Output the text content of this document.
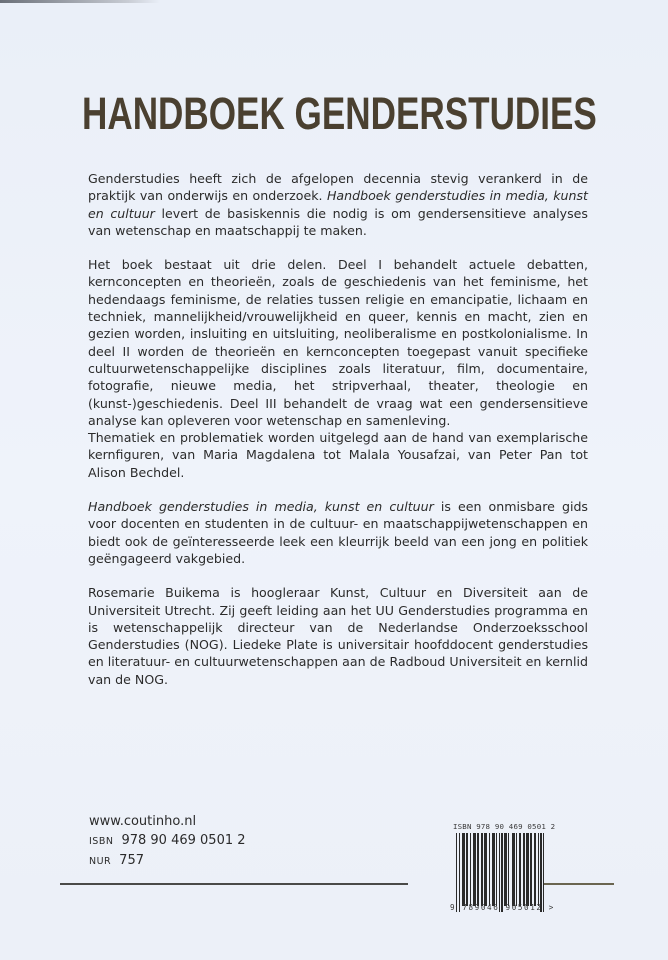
HANDBOEK GENDERSTUDIES

Genderstudies heeft zich de afgelopen decennia stevig verankerd in de praktijk van onderwijs en onderzoek. Handboek genderstudies in media, kunst en cultuur levert de basiskennis die nodig is om gendersensitieve analyses van wetenschap en maatschappij te maken.

Het boek bestaat uit drie delen. Deel I behandelt actuele debatten, kernconcepten en theorieën, zoals de geschiedenis van het feminisme, het hedendaags feminisme, de relaties tussen religie en emancipatie, lichaam en techniek, mannelijkheid/vrouwelijkheid en queer, kennis en macht, zien en gezien worden, insluiting en uitsluiting, neoliberalisme en postkolonialisme. In deel II worden de theorieën en kernconcepten toegepast vanuit specifieke cultuurwetenschappelijke disciplines zoals literatuur, film, documentaire, fotografie, nieuwe media, het stripverhaal, theater, theologie en (kunst-)geschiedenis. Deel III behandelt de vraag wat een gendersensitieve analyse kan opleveren voor wetenschap en samenleving.

Thematiek en problematiek worden uitgelegd aan de hand van exemplarische kernfiguren, van Maria Magdalena tot Malala Yousafzai, van Peter Pan tot Alison Bechdel.

Handboek genderstudies in media, kunst en cultuur is een onmisbare gids voor docenten en studenten in de cultuur- en maatschappijwetenschappen en biedt ook de geïnteresseerde leek een kleurrijk beeld van een jong en politiek geëngageerd vakgebied.

Rosemarie Buikema is hoogleraar Kunst, Cultuur en Diversiteit aan de Universiteit Utrecht. Zij geeft leiding aan het UU Genderstudies programma en is wetenschappelijk directeur van de Nederlandse Onderzoeksschool Genderstudies (NOG). Liedeke Plate is universitair hoofddocent genderstudies en literatuur- en cultuurwetenschappen aan de Radboud Universiteit en kernlid van de NOG.

www.coutinho.nl
ISBN 978 90 469 0501 2
NUR 757
ISBN 978 90 469 0501 2
9 789046 905012 >
